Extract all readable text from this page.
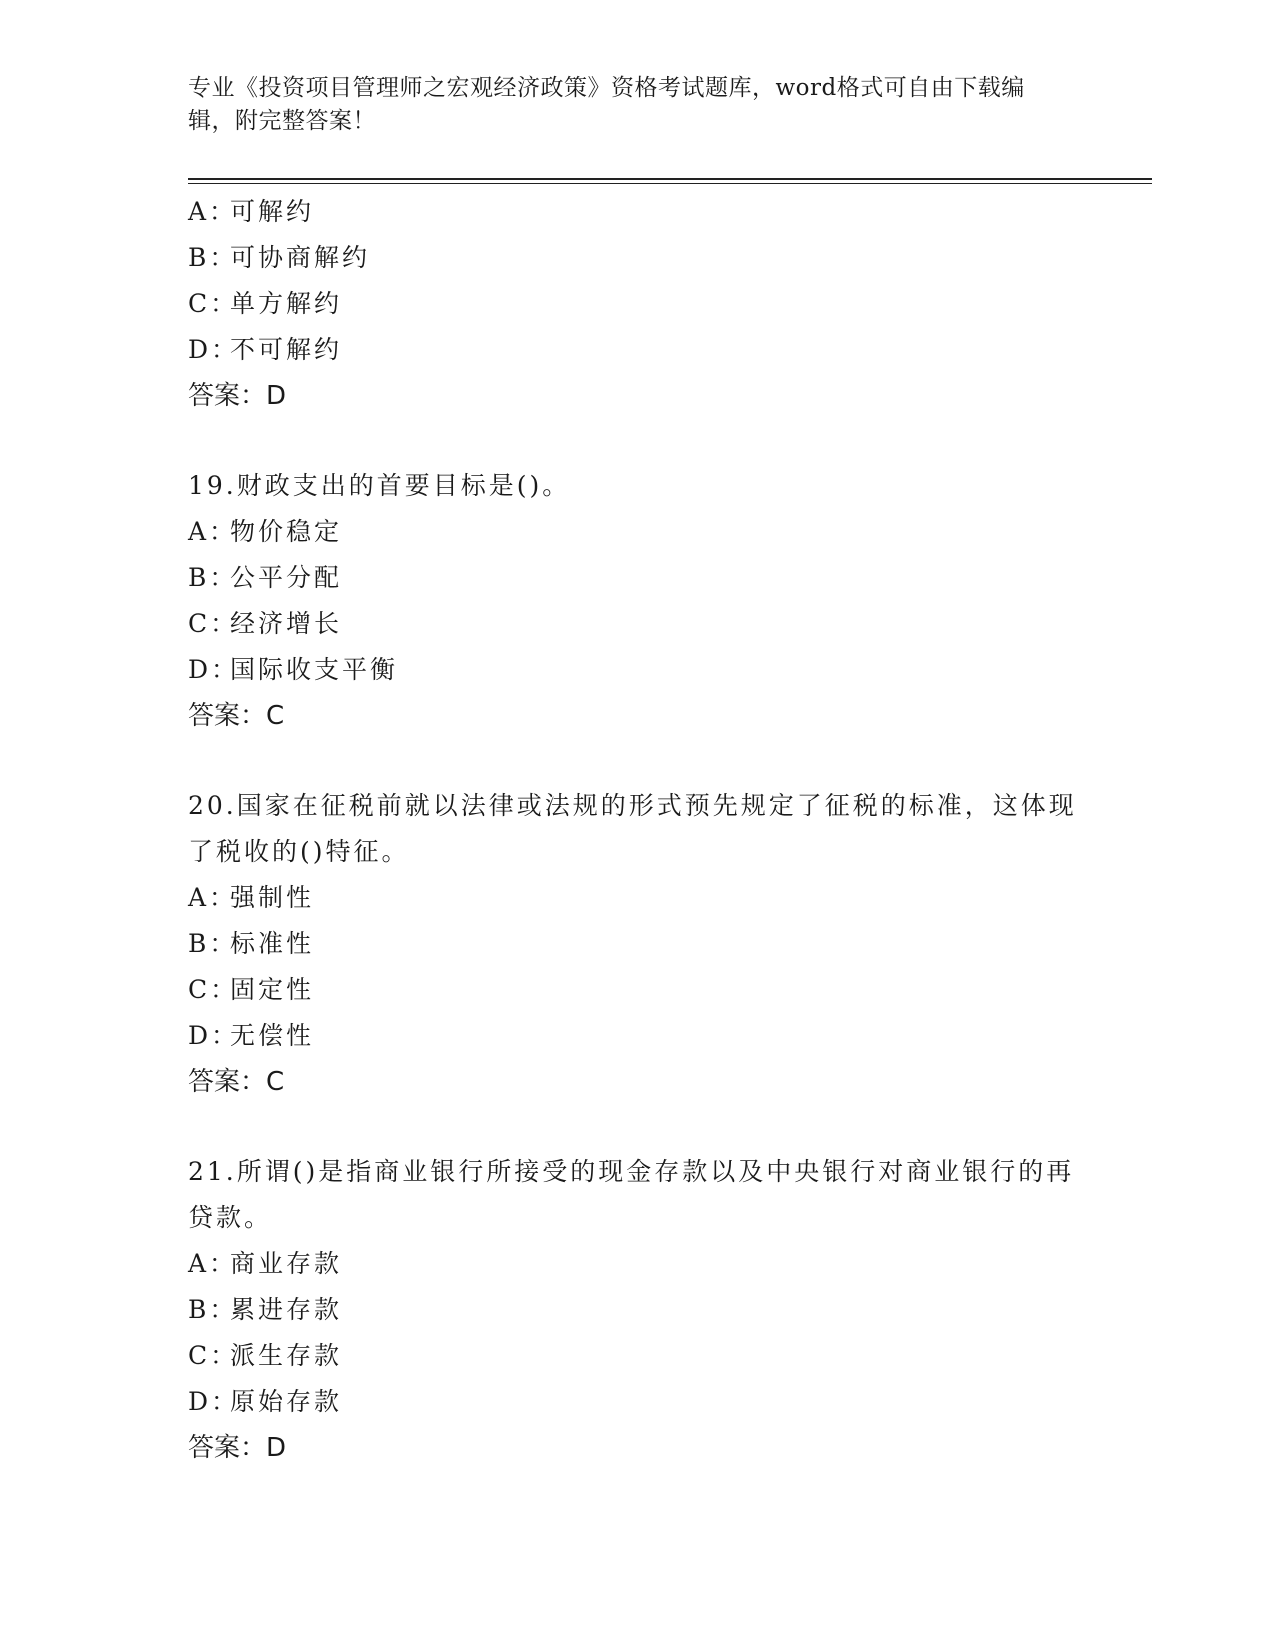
专业《投资项目管理师之宏观经济政策》资格考试题库，word格式可自由下载编辑，附完整答案！
A：可解约
B：可协商解约
C：单方解约
D：不可解约
答案：D
19.财政支出的首要目标是()。
A：物价稳定
B：公平分配
C：经济增长
D：国际收支平衡
答案：C
20.国家在征税前就以法律或法规的形式预先规定了征税的标准，这体现了税收的()特征。
A：强制性
B：标准性
C：固定性
D：无偿性
答案：C
21.所谓()是指商业银行所接受的现金存款以及中央银行对商业银行的再贷款。
A：商业存款
B：累进存款
C：派生存款
D：原始存款
答案：D
